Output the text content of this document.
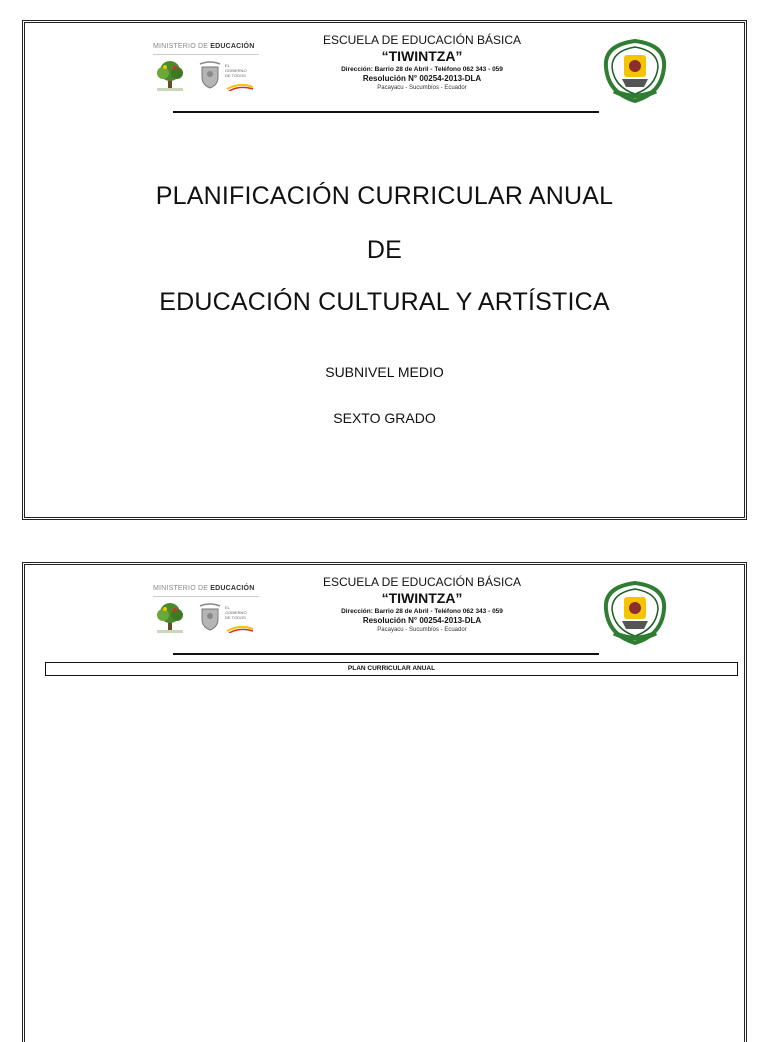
MINISTERIO DE EDUCACIÓN
EL
GOBIERNO
DE TODOS
ESCUELA DE EDUCACIÓN BÁSICA
“TIWINTZA”
Dirección: Barrio 28 de Abril - Teléfono 062 343 - 059
Resolución N° 00254-2013-DLA
Pacayacu - Sucumbíos - Ecuador
PLANIFICACIÓN CURRICULAR ANUAL
DE
EDUCACIÓN CULTURAL Y ARTÍSTICA
SUBNIVEL MEDIO
SEXTO GRADO
MINISTERIO DE EDUCACIÓN
EL
GOBIERNO
DE TODOS
ESCUELA DE EDUCACIÓN BÁSICA
“TIWINTZA”
Dirección: Barrio 28 de Abril - Teléfono 062 343 - 059
Resolución N° 00254-2013-DLA
Pacayacu - Sucumbíos - Ecuador
PLAN CURRICULAR ANUAL
